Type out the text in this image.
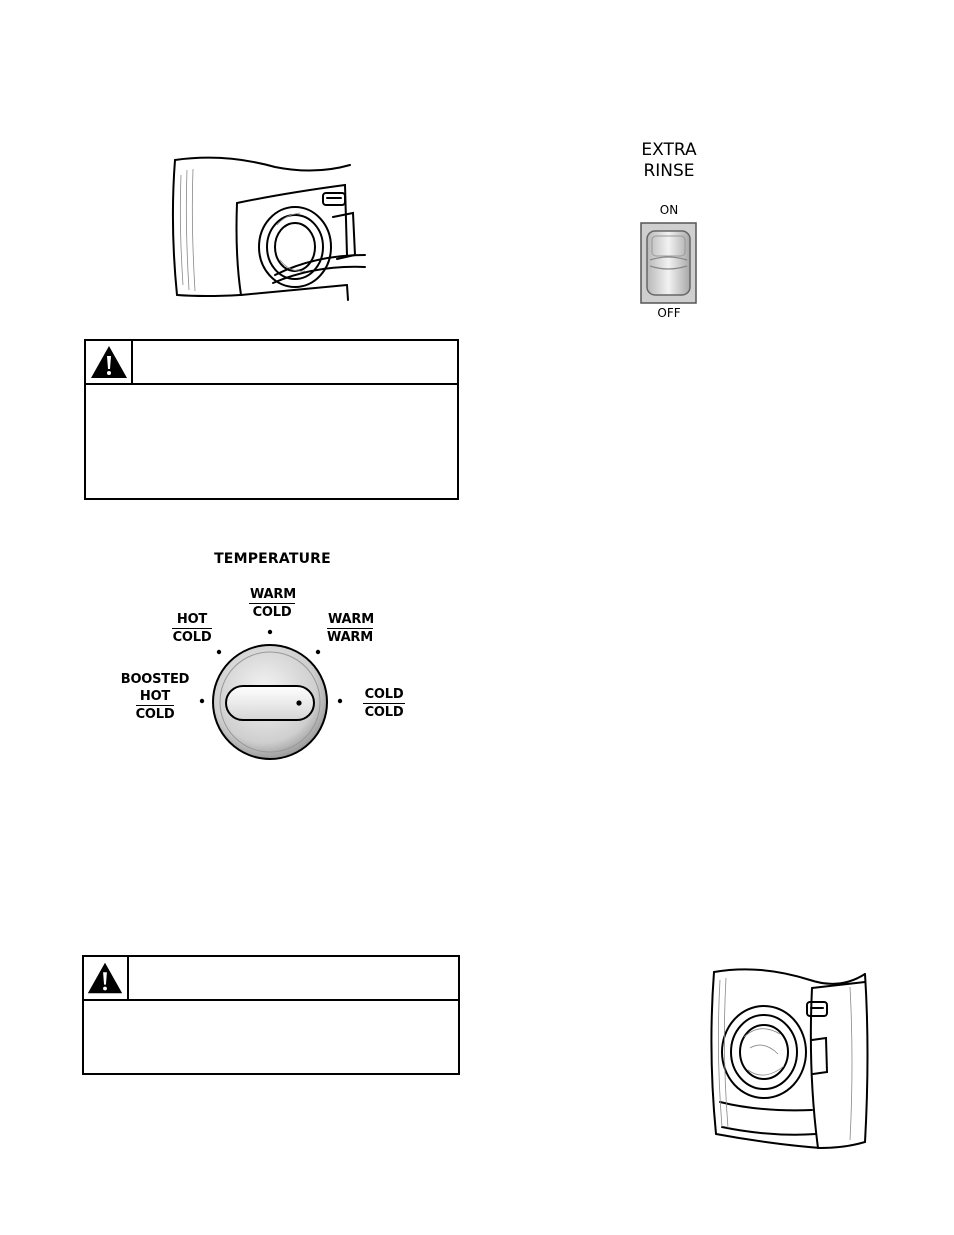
TEMPERATURE
WARM
COLD
HOT
COLD
WARM
WARM
BOOSTED
HOT
COLD
COLD
COLD
EXTRA
RINSE
ON
OFF
